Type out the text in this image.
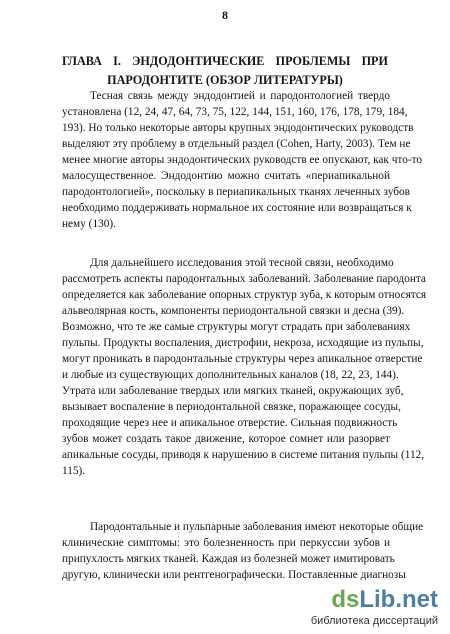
8
ГЛАВА I. ЭНДОДОНТИЧЕСКИЕ ПРОБЛЕМЫ ПРИ
ПАРОДОНТИТЕ (ОБЗОР ЛИТЕРАТУРЫ)
Тесная связь между эндодонтией и пародонтологией твердо
установлена (12, 24, 47, 64, 73, 75, 122, 144, 151, 160, 176, 178, 179, 184,
193). Но только некоторые авторы крупных эндодонтических руководств
выделяют эту проблему в отдельный раздел (Cohen, Harty, 2003). Тем не
менее многие авторы эндодонтических руководств ее опускают, как что-то
малосущественное. Эндодонтию можно считать «периапикальной
пародонтологией», поскольку в периапикальных тканях леченных зубов
необходимо поддерживать нормальное их состояние или возвращаться к
нему (130).
Для дальнейшего исследования этой тесной связи, необходимо
рассмотреть аспекты пародонтальных заболеваний. Заболевание пародонта
определяется как заболевание опорных структур зуба, к которым относятся
альвеолярная кость, компоненты периодонтальной связки и десна (39).
Возможно, что те же самые структуры могут страдать при заболеваниях
пульпы. Продукты воспаления, дистрофии, некроза, исходящие из пульпы,
могут проникать в пародонтальные структуры через апикальное отверстие
и любые из существующих дополнительных каналов (18, 22, 23, 144).
Утрата или заболевание твердых или мягких тканей, окружающих зуб,
вызывает воспаление в периодонтальной связке, поражающее сосуды,
проходящие через нее и апикальное отверстие. Сильная подвижность
зубов может создать такое движение, которое сомнет или разорвет
апикальные сосуды, приводя к нарушению в системе питания пульпы (112,
115).
Пародонтальные и пульпарные заболевания имеют некоторые общие
клинические симптомы: это болезненность при перкуссии зубов и
припухлость мягких тканей. Каждая из болезней может имитировать
другую, клинически или рентгенографически. Поставленные диагнозы
dsLib.net
библиотека диссертаций
